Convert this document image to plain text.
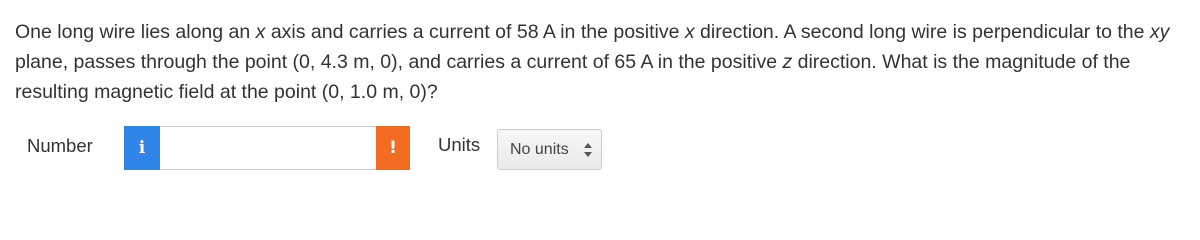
One long wire lies along an x axis and carries a current of 58 A in the positive x direction. A second long wire is perpendicular to the xy plane, passes through the point (0, 4.3 m, 0), and carries a current of 65 A in the positive z direction. What is the magnitude of the resulting magnetic field at the point (0, 1.0 m, 0)?
Number	i	!	Units No units
